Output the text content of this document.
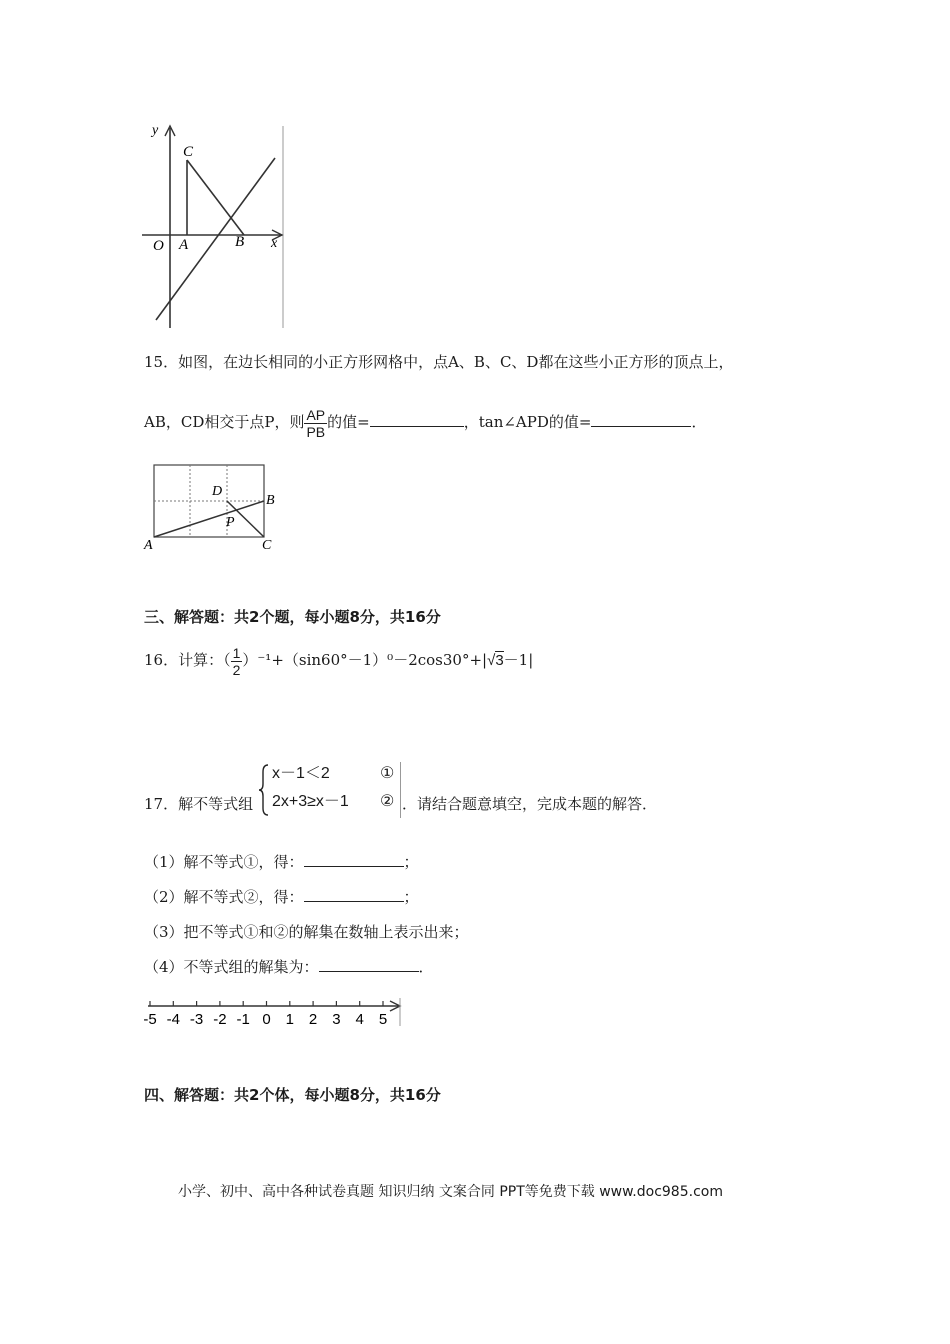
y
C
O A	B x
15．如图，在边长相同的小正方形网格中，点A、B、C、D都在这些小正方形的顶点上，
AB，CD相交于点P，则 $\frac{AP}{PB}$ 的值=	，tan∠APD的值=	．
D
B
P
A	C
三、解答题：共2个题，每小题8分，共16分
16．计算：（ $\frac{1}{2} )^{-1}+(\sin 60^\circ-1)^0-2\cos 30^\circ+|√3-1|$
17．解不等式组
x－1＜2	①
2x+3≥x－1 ② ．请结合题意填空，完成本题的解答．
（1）解不等式①，得：	；
（2）解不等式②，得：	；
（3）把不等式①和②的解集在数轴上表示出来；
（4）不等式组的解集为：	．
-5 -4 -3 -2 -1 0 1 2 3 4 5
四、解答题：共2个体，每小题8分，共16分
小学、初中、高中各种试卷真题 知识归纳 文案合同 PPT等免费下载 www.doc985.com
